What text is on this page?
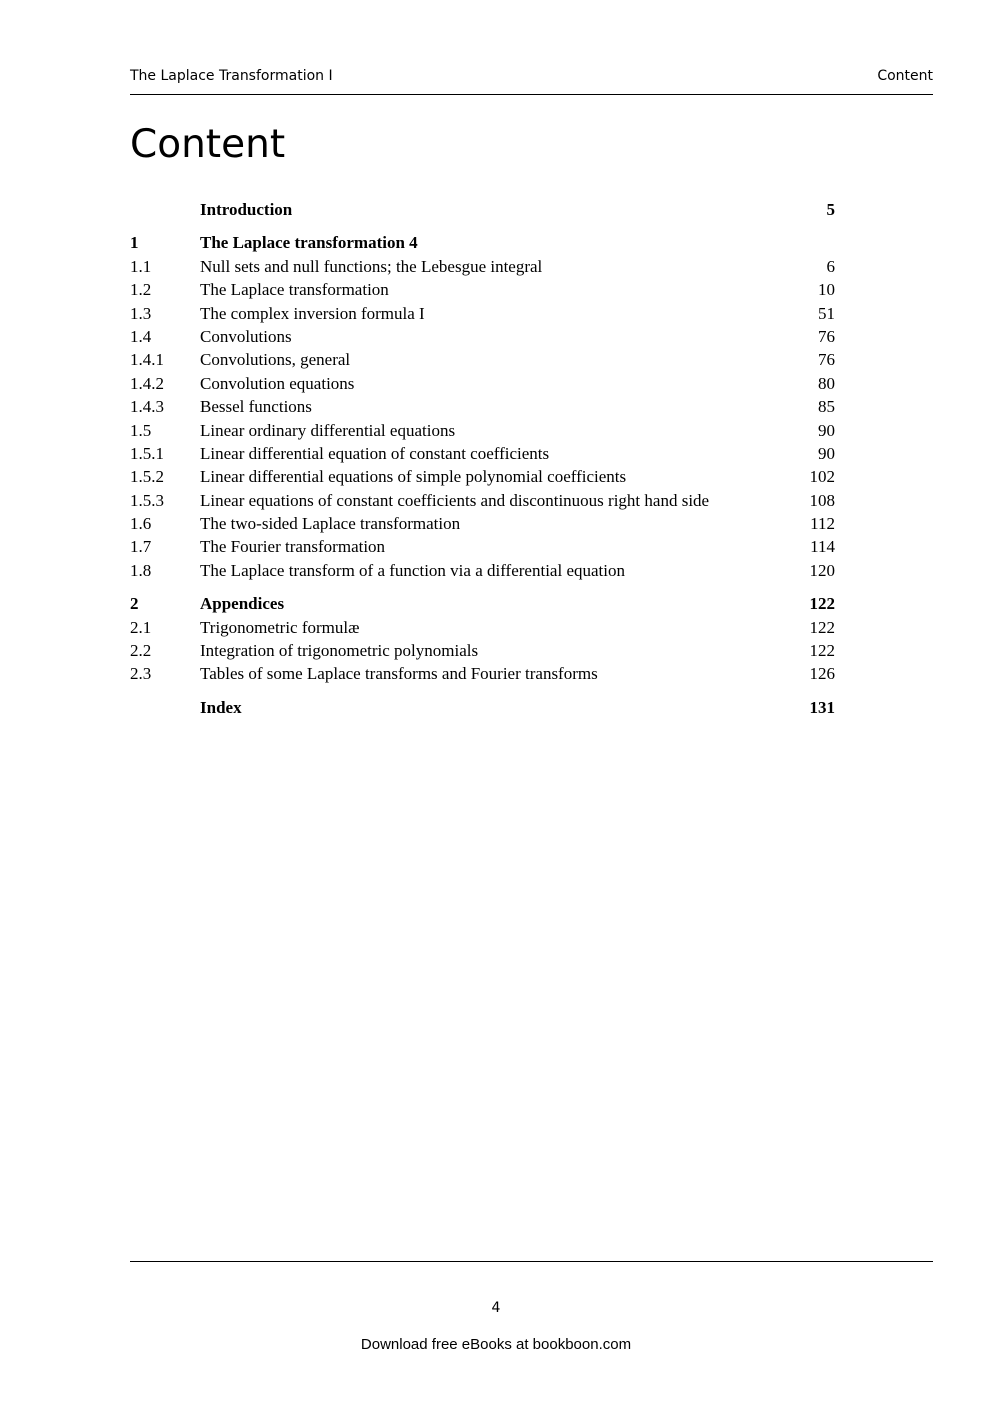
The Laplace Transformation I	Content
Content
Introduction	5
1	The Laplace transformation 4
1.1	Null sets and null functions; the Lebesgue integral	6
1.2	The Laplace transformation	10
1.3	The complex inversion formula I	51
1.4	Convolutions	76
1.4.1 Convolutions, general	76
1.4.2 Convolution equations	80
1.4.3 Bessel functions	85
1.5	Linear ordinary differential equations	90
1.5.1 Linear differential equation of constant coefficients	90
1.5.2 Linear differential equations of simple polynomial coefficients	102
1.5.3 Linear equations of constant coefficients and discontinuous right hand side	108
1.6	The two-sided Laplace transformation	112
1.7	The Fourier transformation	114
1.8	The Laplace transform of a function via a differential equation	120
2	Appendices	122
2.1	Trigonometric formulæ	122
2.2	Integration of trigonometric polynomials	122
2.3	Tables of some Laplace transforms and Fourier transforms	126
Index	131
4
Download free eBooks at bookboon.com
